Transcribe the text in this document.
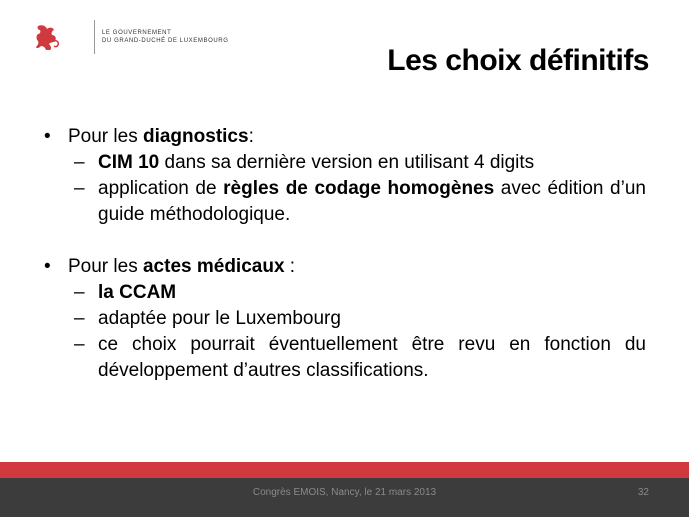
LE GOUVERNEMENT
DU GRAND-DUCHÉ DE LUXEMBOURG
Les choix définitifs

• Pour les diagnostics:

– CIM 10 dans sa dernière version en utilisant 4 digits

– application de règles de codage homogènes avec édition d’un guide méthodologique.

• Pour les actes médicaux :

– la CCAM

– adaptée pour le Luxembourg

– ce choix pourrait éventuellement être revu en fonction du développement d’autres classifications.

Congrès EMOIS, Nancy, le 21 mars 2013	32
